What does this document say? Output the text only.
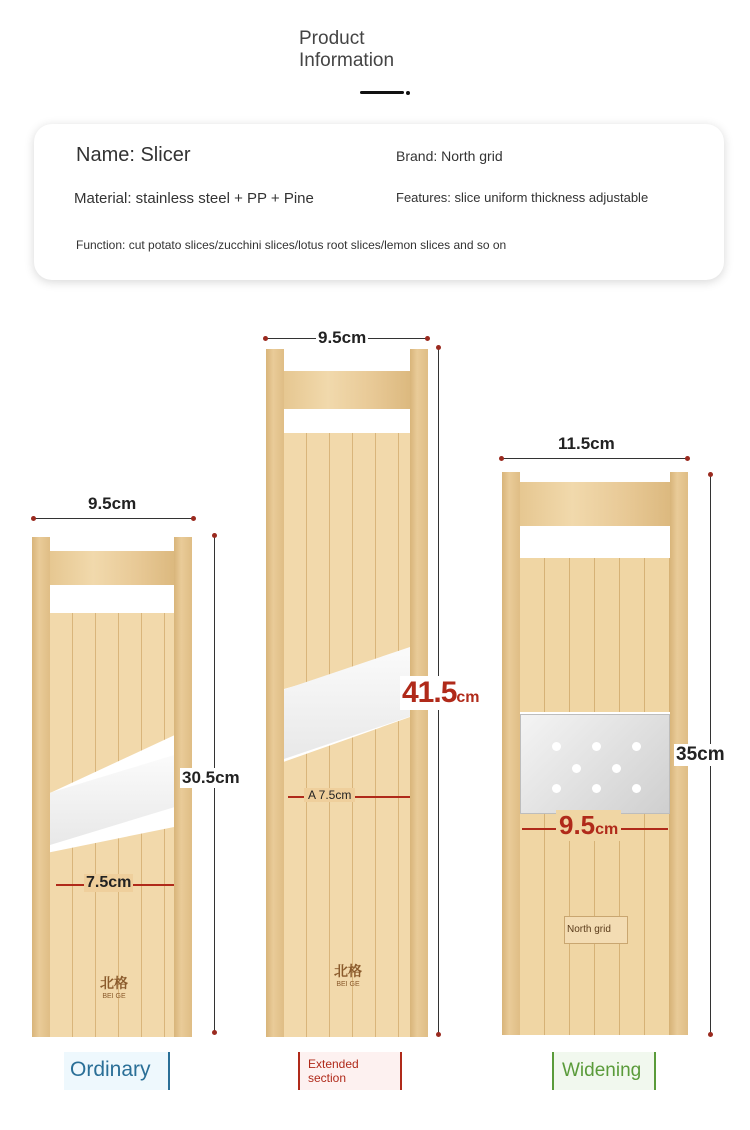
Product
Information
Name: Slicer	Brand: North grid
Material: stainless steel + PP + Pine	Features: slice uniform thickness adjustable
Function: cut potato slices/zucchini slices/lotus root slices/lemon slices and so on
北格
BEI GE
9.5cm
30.5cm
7.5cm
北格
BEI GE
9.5cm
41.5cm
A 7.5cm
North grid
11.5cm
35cm
9.5cm
Ordinary	Extended section	Widening
